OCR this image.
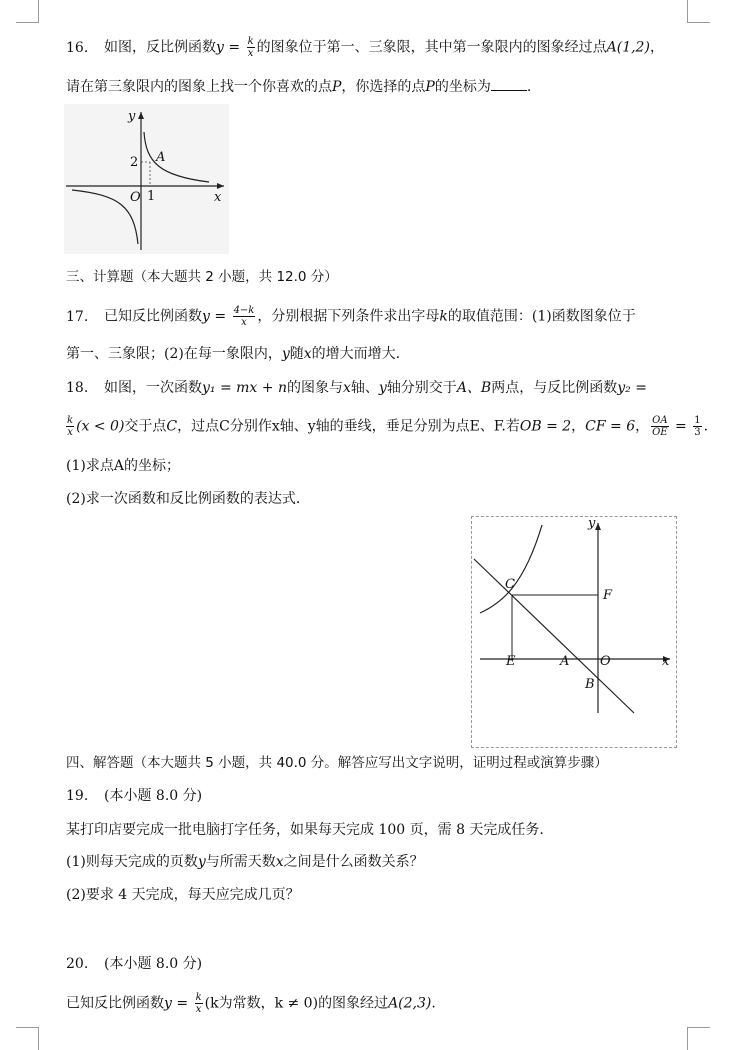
16. 如图，反比例函数$y = \frac{k}{x}$ 的图象位于第一、三象限，其中第一象限内的图象经过点A(1,2)，
请在第三象限内的图象上找一个你喜欢的点P，你选择的点P的坐标为	.
y
x
O
A
2
1
三、计算题（本大题共 2 小题，共 12.0 分）
17. 已知反比例函数$y = \frac{4-k}{x}$ ，分别根据下列条件求出字母k的取值范围：(1)函数图象位于
第一、三象限；(2)在每一象限内，y随x的增大而增大.
18. 如图，一次函数y₁ = mx + n的图象与x轴、y轴分别交于A、B两点，与反比例函数y₂ =
$\frac{k}{x} (x < 0)$交于点C，过点C分别作x轴、y轴的垂线，垂足分别为点E、F.若OB = 2，CF = 6， $\frac{OA}{OE} = \frac{1}{3}$ .
(1)求点A的坐标；
(2)求一次函数和反比例函数的表达式.
y
x
C
F
E	A O
B
四、解答题（本大题共 5 小题，共 40.0 分。解答应写出文字说明，证明过程或演算步骤）
19. (本小题 8.0 分)
某打印店要完成一批电脑打字任务，如果每天完成 100 页，需 8 天完成任务.
(1)则每天完成的页数y与所需天数x之间是什么函数关系？
(2)要求 4 天完成，每天应完成几页？
20. (本小题 8.0 分)
已知反比例函数$y = \frac{k}{x} (k$为常数，k ≠ 0)的图象经过A(2,3).
